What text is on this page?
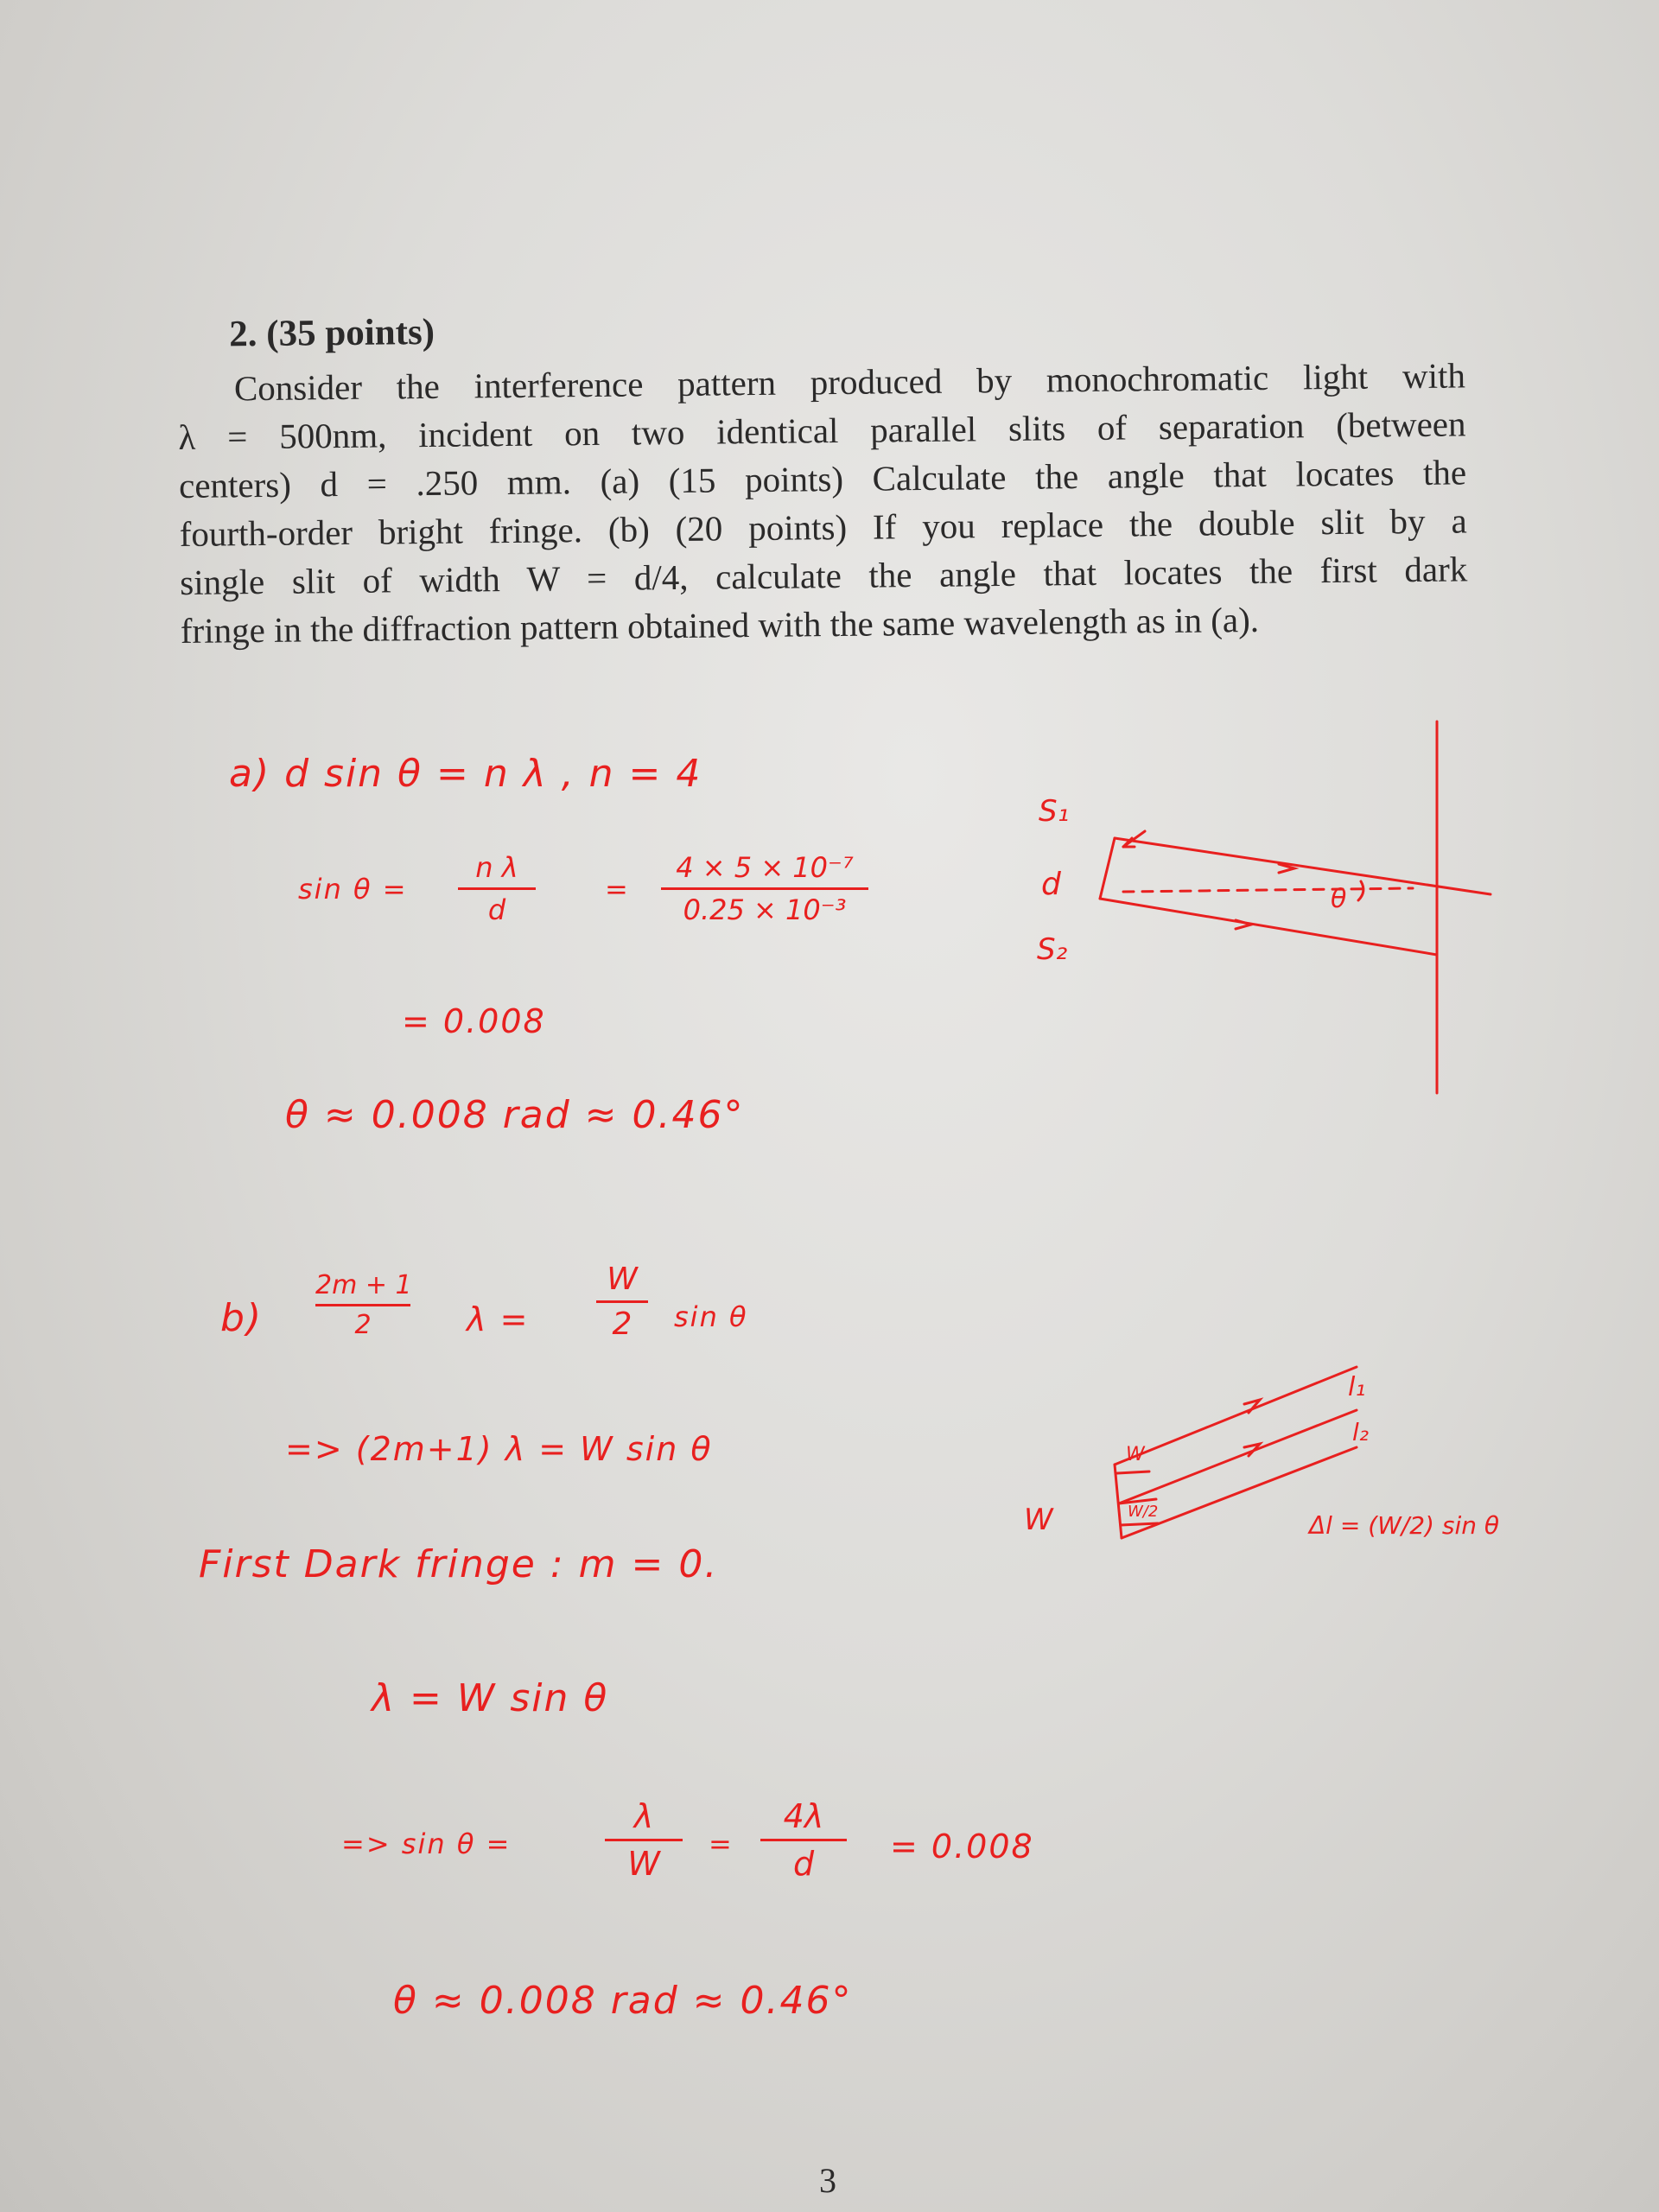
2. (35 points)
Consider the interference pattern produced by monochromatic light with
λ = 500nm, incident on two identical parallel slits of separation (between
centers) d = .250 mm. (a) (15 points) Calculate the angle that locates the
fourth-order bright fringe. (b) (20 points) If you replace the double slit by a
single slit of width W = d/4, calculate the angle that locates the first dark
fringe in the diffraction pattern obtained with the same wavelength as in (a).
a) d sin θ = n λ , n = 4
sin θ =
n λ
d
=
4 × 5 × 10⁻⁷
0.25 × 10⁻³
= 0.008
θ ≈ 0.008 rad ≈ 0.46°
S₁
S₂
d	θ
b)
2m + 1
2	λ =
W
2	sin θ
=> (2m+1) λ = W sin θ
First Dark fringe : m = 0.
λ = W sin θ
=> sin θ =
λ
W
=
4λ
d	= 0.008
θ ≈ 0.008 rad ≈ 0.46°
W
W
W/2
l₁
l₂
Δl = (W/2) sin θ
3
